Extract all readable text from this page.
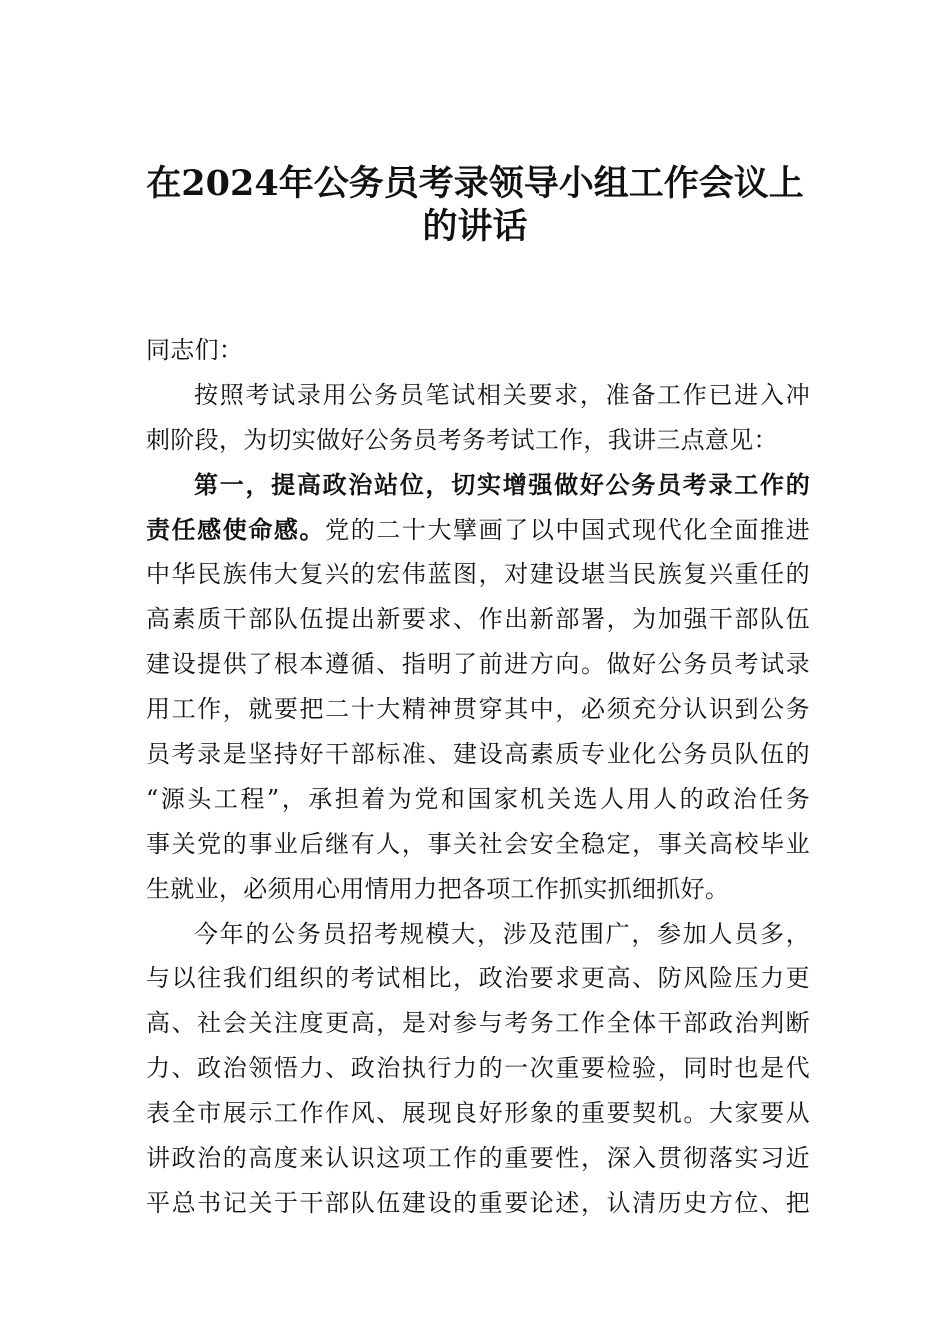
在2024年公务员考录领导小组工作会议上
的讲话
同志们：
按照考试录用公务员笔试相关要求，准备工作已进入冲
刺阶段，为切实做好公务员考务考试工作，我讲三点意见：
第一，提高政治站位，切实增强做好公务员考录工作的
责任感使命感。党的二十大擘画了以中国式现代化全面推进
中华民族伟大复兴的宏伟蓝图，对建设堪当民族复兴重任的
高素质干部队伍提出新要求、作出新部署，为加强干部队伍
建设提供了根本遵循、指明了前进方向。做好公务员考试录
用工作，就要把二十大精神贯穿其中，必须充分认识到公务
员考录是坚持好干部标准、建设高素质专业化公务员队伍的
“源头工程”，承担着为党和国家机关选人用人的政治任务
事关党的事业后继有人，事关社会安全稳定，事关高校毕业
生就业，必须用心用情用力把各项工作抓实抓细抓好。
今年的公务员招考规模大，涉及范围广，参加人员多，
与以往我们组织的考试相比，政治要求更高、防风险压力更
高、社会关注度更高，是对参与考务工作全体干部政治判断
力、政治领悟力、政治执行力的一次重要检验，同时也是代
表全市展示工作作风、展现良好形象的重要契机。大家要从
讲政治的高度来认识这项工作的重要性，深入贯彻落实习近
平总书记关于干部队伍建设的重要论述，认清历史方位、把
